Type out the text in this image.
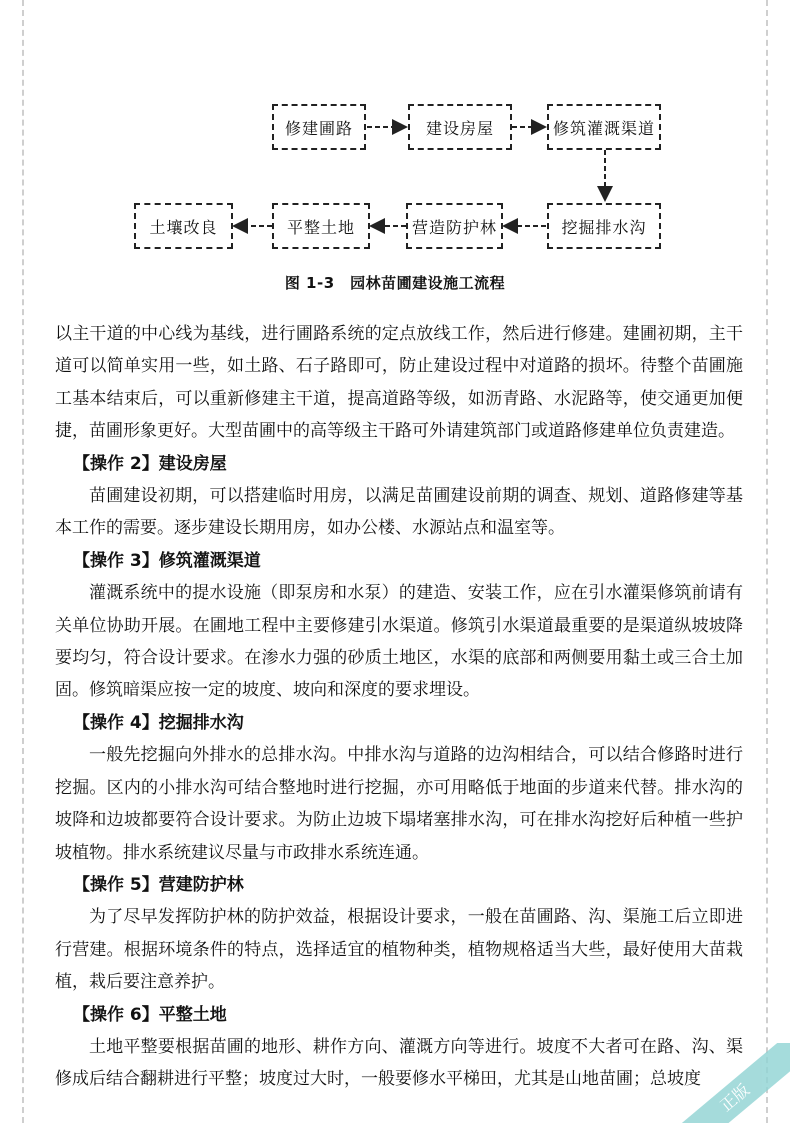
修建圃路	建设房屋	修筑灌溉渠道
挖掘排水沟
营造防护林
平整土地
土壤改良
图 1-3　园林苗圃建设施工流程

以主干道的中心线为基线，进行圃路系统的定点放线工作，然后进行修建。建圃初期，主干道可以简单实用一些，如土路、石子路即可，防止建设过程中对道路的损坏。待整个苗圃施工基本结束后，可以重新修建主干道，提高道路等级，如沥青路、水泥路等，使交通更加便捷，苗圃形象更好。大型苗圃中的高等级主干路可外请建筑部门或道路修建单位负责建造。

【操作 2】建设房屋

苗圃建设初期，可以搭建临时用房，以满足苗圃建设前期的调查、规划、道路修建等基本工作的需要。逐步建设长期用房，如办公楼、水源站点和温室等。

【操作 3】修筑灌溉渠道

灌溉系统中的提水设施（即泵房和水泵）的建造、安装工作，应在引水灌渠修筑前请有关单位协助开展。在圃地工程中主要修建引水渠道。修筑引水渠道最重要的是渠道纵坡坡降要均匀，符合设计要求。在渗水力强的砂质土地区，水渠的底部和两侧要用黏土或三合土加固。修筑暗渠应按一定的坡度、坡向和深度的要求埋设。

【操作 4】挖掘排水沟

一般先挖掘向外排水的总排水沟。中排水沟与道路的边沟相结合，可以结合修路时进行挖掘。区内的小排水沟可结合整地时进行挖掘，亦可用略低于地面的步道来代替。排水沟的坡降和边坡都要符合设计要求。为防止边坡下塌堵塞排水沟，可在排水沟挖好后种植一些护坡植物。排水系统建议尽量与市政排水系统连通。

【操作 5】营建防护林

为了尽早发挥防护林的防护效益，根据设计要求，一般在苗圃路、沟、渠施工后立即进行营建。根据环境条件的特点，选择适宜的植物种类，植物规格适当大些，最好使用大苗栽植，栽后要注意养护。

【操作 6】平整土地

土地平整要根据苗圃的地形、耕作方向、灌溉方向等进行。坡度不大者可在路、沟、渠修成后结合翻耕进行平整；坡度过大时，一般要修水平梯田，尤其是山地苗圃；总坡度

正版
